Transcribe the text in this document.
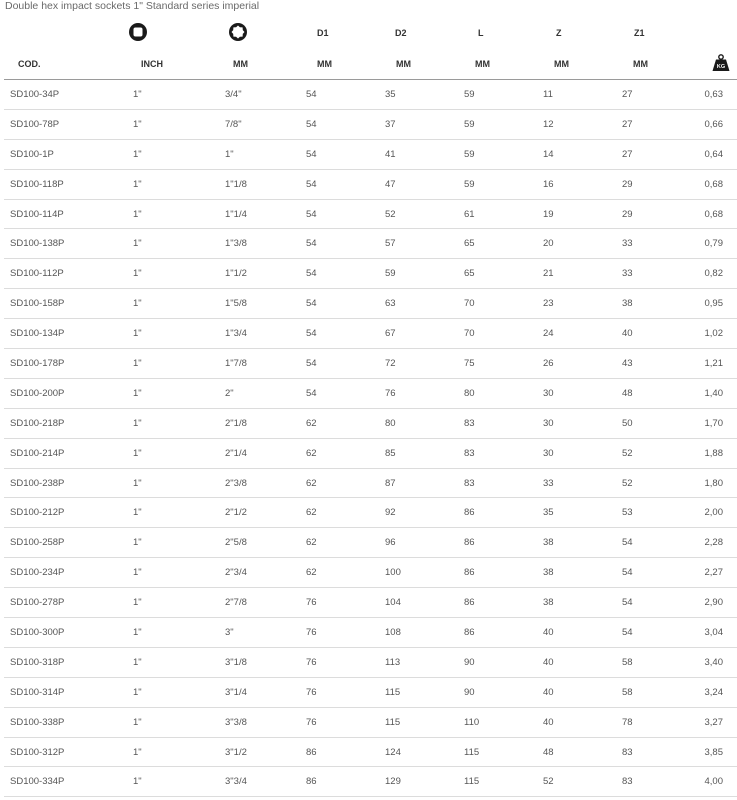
Double hex impact sockets 1" Standard series imperial
			D1	D2	L	Z	Z1	
COD.	INCH	MM	MM	MM	MM	MM	MM	KG

SD100-34P	1"	3/4"	54	35	59	11	27	0,63
SD100-78P	1"	7/8"	54	37	59	12	27	0,66
SD100-1P	1"	1"	54	41	59	14	27	0,64
SD100-118P	1"	1"1/8	54	47	59	16	29	0,68
SD100-114P	1"	1"1/4	54	52	61	19	29	0,68
SD100-138P	1"	1"3/8	54	57	65	20	33	0,79
SD100-112P	1"	1"1/2	54	59	65	21	33	0,82
SD100-158P	1"	1"5/8	54	63	70	23	38	0,95
SD100-134P	1"	1"3/4	54	67	70	24	40	1,02
SD100-178P	1"	1"7/8	54	72	75	26	43	1,21
SD100-200P	1"	2"	54	76	80	30	48	1,40
SD100-218P	1"	2"1/8	62	80	83	30	50	1,70
SD100-214P	1"	2"1/4	62	85	83	30	52	1,88
SD100-238P	1"	2"3/8	62	87	83	33	52	1,80
SD100-212P	1"	2"1/2	62	92	86	35	53	2,00
SD100-258P	1"	2"5/8	62	96	86	38	54	2,28
SD100-234P	1"	2"3/4	62	100	86	38	54	2,27
SD100-278P	1"	2"7/8	76	104	86	38	54	2,90
SD100-300P	1"	3"	76	108	86	40	54	3,04
SD100-318P	1"	3"1/8	76	113	90	40	58	3,40
SD100-314P	1"	3"1/4	76	115	90	40	58	3,24
SD100-338P	1"	3"3/8	76	115	110	40	78	3,27
SD100-312P	1"	3"1/2	86	124	115	48	83	3,85
SD100-334P	1"	3"3/4	86	129	115	52	83	4,00
